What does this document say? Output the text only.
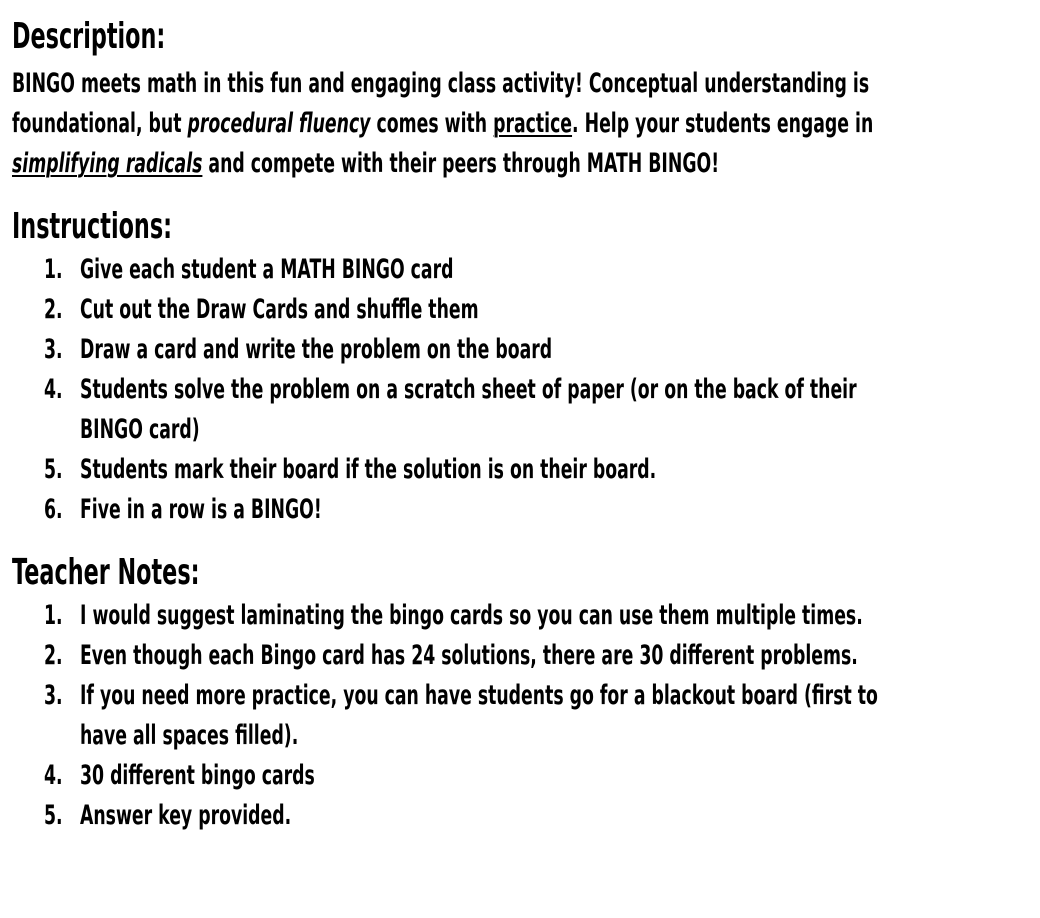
Description:
BINGO meets math in this fun and engaging class activity! Conceptual understanding is
foundational, but procedural fluency comes with practice. Help your students engage in
simplifying radicals and compete with their peers through MATH BINGO!
Instructions:
1. Give each student a MATH BINGO card
2. Cut out the Draw Cards and shuffle them
3. Draw a card and write the problem on the board
4. Students solve the problem on a scratch sheet of paper (or on the back of their
BINGO card)
5. Students mark their board if the solution is on their board.
6. Five in a row is a BINGO!
Teacher Notes:
1. I would suggest laminating the bingo cards so you can use them multiple times.
2. Even though each Bingo card has 24 solutions, there are 30 different problems.
3. If you need more practice, you can have students go for a blackout board (first to
have all spaces filled).
4. 30 different bingo cards
5. Answer key provided.
